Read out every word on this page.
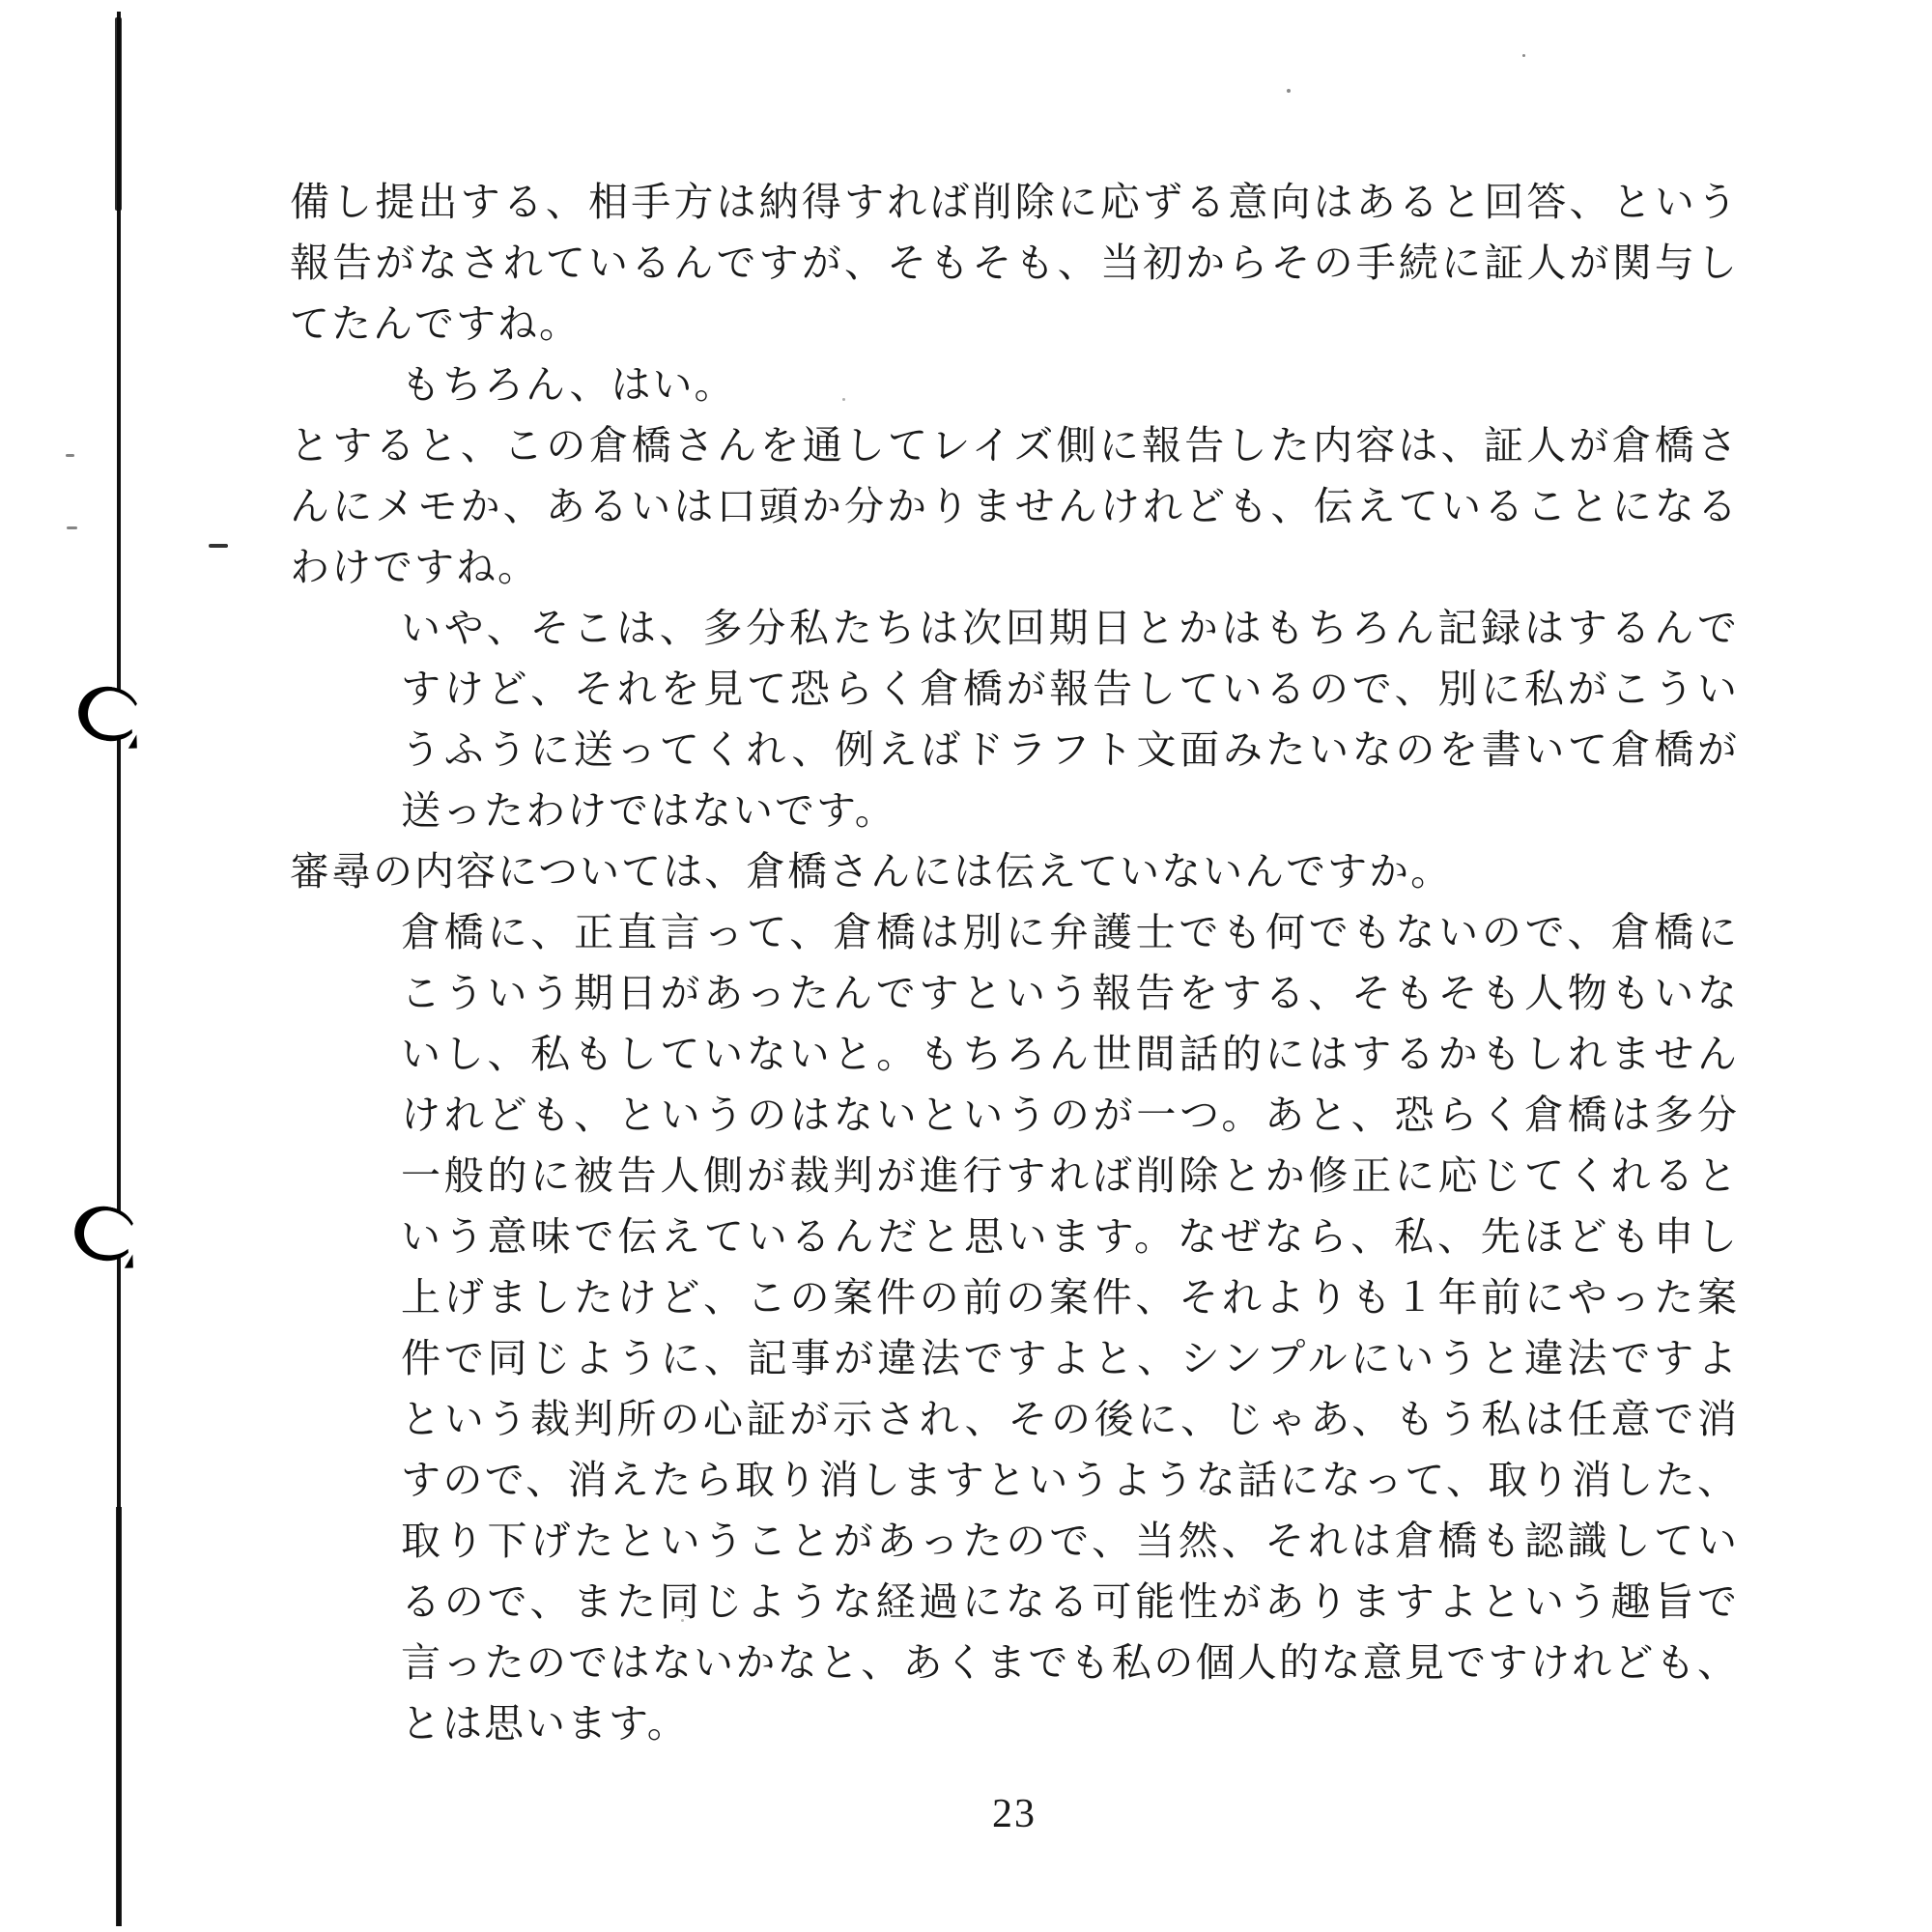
備し提出する、相手方は納得すれば削除に応ずる意向はあると回答、という
報告がなされているんですが、そもそも、当初からその手続に証人が関与し
てたんですね。
もちろん、はい。
とすると、この倉橋さんを通してレイズ側に報告した内容は、証人が倉橋さ
んにメモか、あるいは口頭か分かりませんけれども、伝えていることになる
わけですね。
いや、そこは、多分私たちは次回期日とかはもちろん記録はするんで
すけど、それを見て恐らく倉橋が報告しているので、別に私がこうい
うふうに送ってくれ、例えばドラフト文面みたいなのを書いて倉橋が
送ったわけではないです。
審尋の内容については、倉橋さんには伝えていないんですか。
倉橋に、正直言って、倉橋は別に弁護士でも何でもないので、倉橋に
こういう期日があったんですという報告をする、そもそも人物もいな
いし、私もしていないと。もちろん世間話的にはするかもしれません
けれども、というのはないというのが一つ。あと、恐らく倉橋は多分
一般的に被告人側が裁判が進行すれば削除とか修正に応じてくれると
いう意味で伝えているんだと思います。なぜなら、私、先ほども申し
上げましたけど、この案件の前の案件、それよりも１年前にやった案
件で同じように、記事が違法ですよと、シンプルにいうと違法ですよ
という裁判所の心証が示され、その後に、じゃあ、もう私は任意で消
すので、消えたら取り消しますというような話になって、取り消した、
取り下げたということがあったので、当然、それは倉橋も認識してい
るので、また同じような経過になる可能性がありますよという趣旨で
言ったのではないかなと、あくまでも私の個人的な意見ですけれども、
とは思います。
23
